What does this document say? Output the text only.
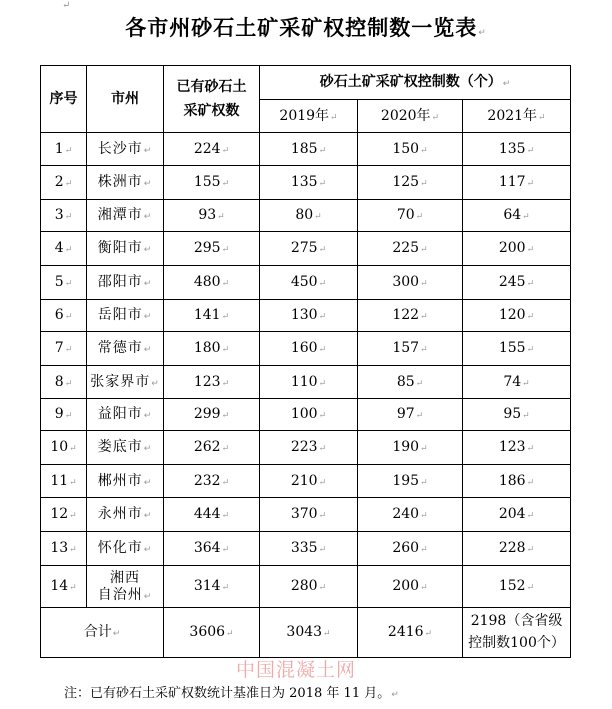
↵
各市州砂石土矿采矿权控制数一览表↵
序号	市州	已有砂石土
采矿权数	砂石土矿采矿权控制数（个）↵		
			2019年↵	2020年↵	2021年↵
1↵	长沙市↵	224↵	185↵	150↵	135↵
2↵	株洲市↵	155↵	135↵	125↵	117↵
3↵	湘潭市↵	93↵	80↵	70↵	64↵
4↵	衡阳市↵	295↵	275↵	225↵	200↵
5↵	邵阳市↵	480↵	450↵	300↵	245↵
6↵	岳阳市↵	141↵	130↵	122↵	120↵
7↵	常德市↵	180↵	160↵	157↵	155↵
8↵	张家界市↵	123↵	110↵	85↵	74↵
9↵	益阳市↵	299↵	100↵	97↵	95↵
10↵	娄底市↵	262↵	223↵	190↵	123↵
11↵	郴州市↵	232↵	210↵	195↵	186↵
12↵	永州市↵	444↵	370↵	240↵	204↵
13↵	怀化市↵	364↵	335↵	260↵	228↵
14↵	湘西
自治州↵	314↵	280↵	200↵	152↵
合计↵		3606↵	3043↵	2416↵	2198（含省级
控制数100个）
中国混凝土网
注：已有砂石土采矿权数统计基准日为 2018 年 11 月。↵
